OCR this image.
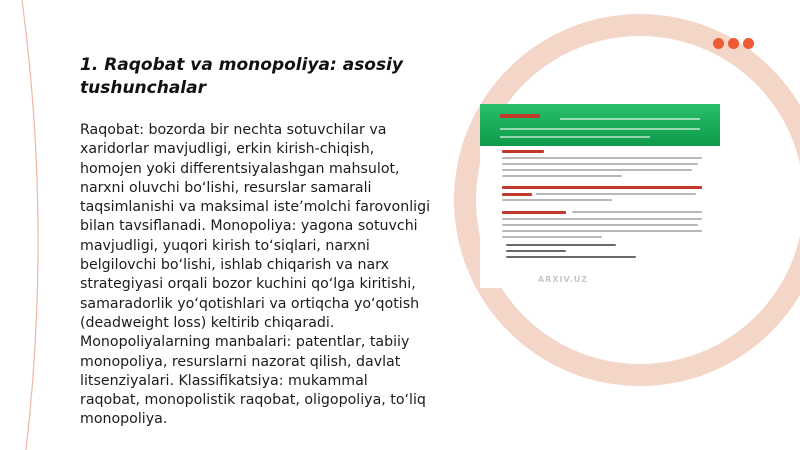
1. Raqobat va monopoliya: asosiy tushunchalar
Raqobat: bozorda bir nechta sotuvchilar va xaridorlar mavjudligi, erkin kirish-chiqish, homojen yoki differentsiyalashgan mahsulot, narxni oluvchi boʻlishi, resurslar samarali taqsimlanishi va maksimal isteʼmolchi farovonligi bilan tavsiflanadi. Monopoliya: yagona sotuvchi mavjudligi, yuqori kirish toʻsiqlari, narxni belgilovchi boʻlishi, ishlab chiqarish va narx strategiyasi orqali bozor kuchini qoʻlga kiritishi, samaradorlik yoʻqotishlari va ortiqcha yoʻqotish (deadweight loss) keltirib chiqaradi. Monopoliyalarning manbalari: patentlar, tabiiy monopoliya, resurslarni nazorat qilish, davlat litsenziyalari. Klassifikatsiya: mukammal raqobat, monopolistik raqobat, oligopoliya, toʻliq monopoliya.
ARXIV.UZ
